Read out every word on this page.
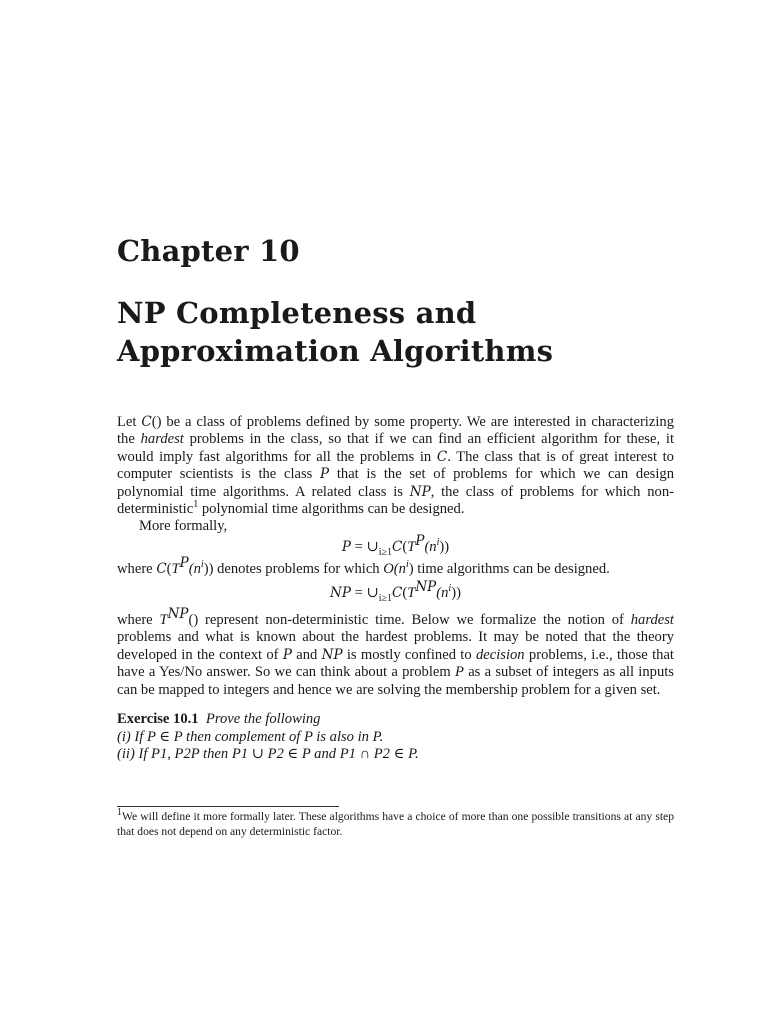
Chapter 10
NP Completeness and
Approximation Algorithms

Let C() be a class of problems defined by some property. We are interested in characterizing the hardest problems in the class, so that if we can find an efficient algorithm for these, it would imply fast algorithms for all the problems in C. The class that is of great interest to computer scientists is the class P that is the set of problems for which we can design polynomial time algorithms. A related class is NP, the class of problems for which non-deterministic$^1$ polynomial time algorithms can be designed.

More formally,

$P = \cup_{i\ge 1}C(T^P(n^i))$

where $C(T^P(n^i))$ denotes problems for which $O(n^i)$ time algorithms can be designed.

NP = $\cup_{i\ge 1}C(T^{NP}(n^i))$

where $T^{NP}()$ represent non-deterministic time. Below we formalize the notion of hardest problems and what is known about the hardest problems. It may be noted that the theory developed in the context of P and NP is mostly confined to decision problems, i.e., those that have a Yes/No answer. So we can think about a problem P as a subset of integers as all inputs can be mapped to integers and hence we are solving the membership problem for a given set.

Exercise 10.1 Prove the following

(i) If P ∈ P then complement of P is also in P.

(ii) If P1, P2P then P1 ∪ P2 ∈ P and P1 ∩ P2 ∈ P.

$^1$We will define it more formally later. These algorithms have a choice of more than one possible transitions at any step that does not depend on any deterministic factor.
